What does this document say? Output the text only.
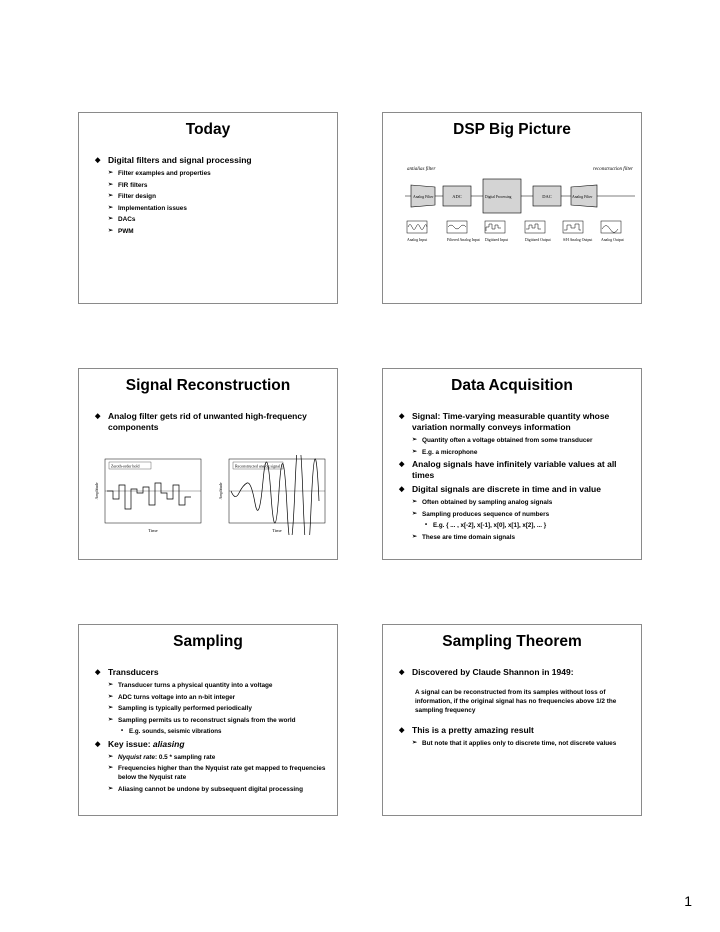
Today
◆ Digital filters and signal processing
➢ Filter examples and properties
➢ FIR filters
➢ Filter design
➢ Implementation issues
➢ DACs
➢ PWM
DSP Big Picture
antialias filter	reconstruction filter
Analog Filter	ADC	Digital Processing	DAC	Analog Filter
Analog Input	Filtered Analog Input Digitized Input	Digitized Output	S/H Analog Output Analog Output
Signal Reconstruction
◆ Analog filter gets rid of unwanted high-frequency components
Zeroth-order hold
Time
Amplitude
Reconstructed analog signal
Time
Amplitude
Data Acquisition
◆ Signal: Time-varying measurable quantity whose variation normally conveys information
➢ Quantity often a voltage obtained from some transducer
➢ E.g. a microphone
◆ Analog signals have infinitely variable values at all times
◆ Digital signals are discrete in time and in value
➢ Often obtained by sampling analog signals
➢ Sampling produces sequence of numbers
• E.g. { ... , x[-2], x[-1], x[0], x[1], x[2], ... }
➢ These are time domain signals
Sampling
◆ Transducers
➢ Transducer turns a physical quantity into a voltage
➢ ADC turns voltage into an n-bit integer
➢ Sampling is typically performed periodically
➢ Sampling permits us to reconstruct signals from the world
• E.g. sounds, seismic vibrations
◆ Key issue: aliasing
➢ Nyquist rate: 0.5 * sampling rate
➢ Frequencies higher than the Nyquist rate get mapped to frequencies below the Nyquist rate
➢ Aliasing cannot be undone by subsequent digital processing
Sampling Theorem
◆ Discovered by Claude Shannon in 1949:
A signal can be reconstructed from its samples without loss of information, if the original signal has no frequencies above 1/2 the sampling frequency
◆ This is a pretty amazing result
➢ But note that it applies only to discrete time, not discrete values
1
